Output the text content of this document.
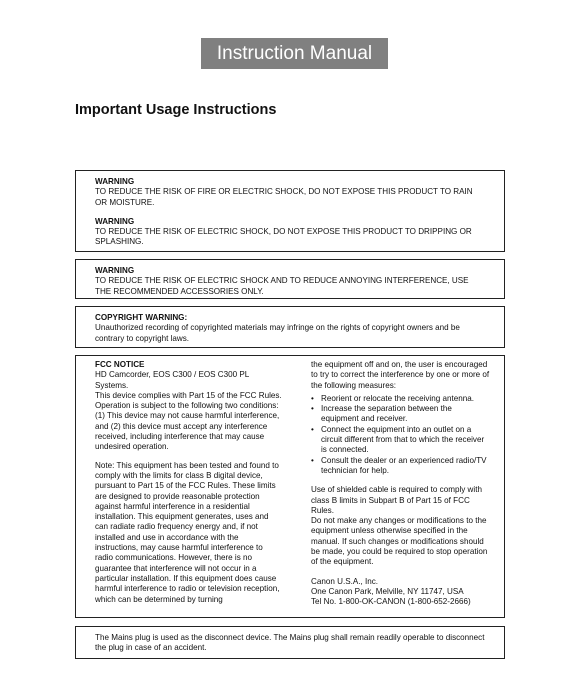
Instruction Manual
Important Usage Instructions

WARNING

TO REDUCE THE RISK OF FIRE OR ELECTRIC SHOCK, DO NOT EXPOSE THIS PRODUCT TO RAIN OR MOISTURE.

WARNING

TO REDUCE THE RISK OF ELECTRIC SHOCK, DO NOT EXPOSE THIS PRODUCT TO DRIPPING OR SPLASHING.

WARNING

TO REDUCE THE RISK OF ELECTRIC SHOCK AND TO REDUCE ANNOYING INTERFERENCE, USE THE RECOMMENDED ACCESSORIES ONLY.

COPYRIGHT WARNING:

Unauthorized recording of copyrighted materials may infringe on the rights of copyright owners and be contrary to copyright laws.

FCC NOTICE

HD Camcorder, EOS C300 / EOS C300 PL Systems.

This device complies with Part 15 of the FCC Rules. Operation is subject to the following two conditions: (1) This device may not cause harmful interference, and (2) this device must accept any interference received, including interference that may cause undesired operation.

Note: This equipment has been tested and found to comply with the limits for class B digital device, pursuant to Part 15 of the FCC Rules. These limits are designed to provide reasonable protection against harmful interference in a residential installation. This equipment generates, uses and can radiate radio frequency energy and, if not installed and use in accordance with the instructions, may cause harmful interference to radio communications. However, there is no guarantee that interference will not occur in a particular installation. If this equipment does cause harmful interference to radio or television reception, which can be determined by turning

the equipment off and on, the user is encouraged to try to correct the interference by one or more of the following measures:

• Reorient or relocate the receiving antenna.
• Increase the separation between the equipment and receiver.
• Connect the equipment into an outlet on a circuit different from that to which the receiver is connected.
• Consult the dealer or an experienced radio/TV technician for help.

Use of shielded cable is required to comply with class B limits in Subpart B of Part 15 of FCC Rules.

Do not make any changes or modifications to the equipment unless otherwise specified in the manual. If such changes or modifications should be made, you could be required to stop operation of the equipment.

Canon U.S.A., Inc.

One Canon Park, Melville, NY 11747, USA

Tel No. 1-800-OK-CANON (1-800-652-2666)

The Mains plug is used as the disconnect device. The Mains plug shall remain readily operable to disconnect the plug in case of an accident.
